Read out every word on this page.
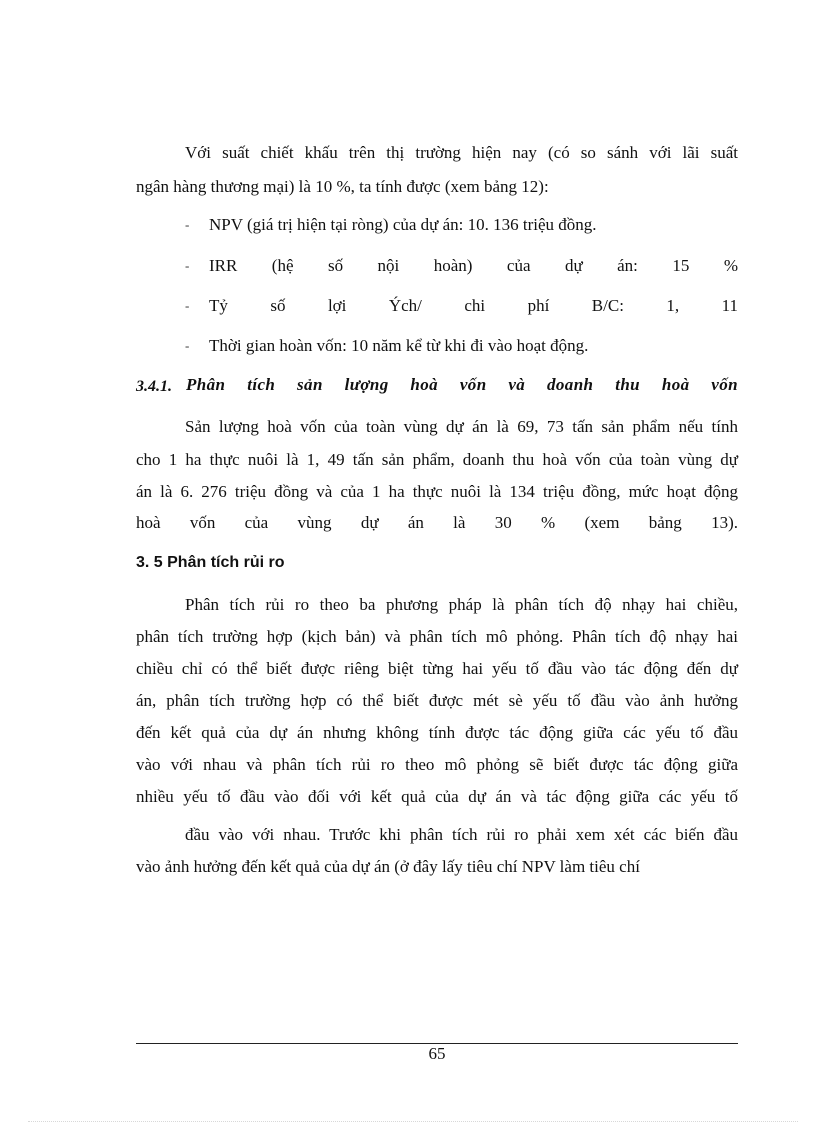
Với suất chiết khấu trên thị trường hiện nay (có so sánh với lãi suất
ngân hàng thương mại) là 10 %, ta tính được (xem bảng 12):
- NPV (giá trị hiện tại ròng) của dự án: 10. 136 triệu đồng.
- IRR (hệ số nội hoàn) của dự án: 15 %
- Tỷ số lợi Ých/ chi phí B/C: 1, 11
- Thời gian hoàn vốn: 10 năm kể từ khi đi vào hoạt động.
3.4.1. Phân tích sản lượng hoà vốn và doanh thu hoà vốn
Sản lượng hoà vốn của toàn vùng dự án là 69, 73 tấn sản phẩm nếu tính
cho 1 ha thực nuôi là 1, 49 tấn sản phẩm, doanh thu hoà vốn của toàn vùng dự
án là 6. 276 triệu đồng và của 1 ha thực nuôi là 134 triệu đồng, mức hoạt động
hoà vốn của vùng dự án là 30 % (xem bảng 13).
3. 5 Phân tích rủi ro
Phân tích rủi ro theo ba phương pháp là phân tích độ nhạy hai chiều,
phân tích trường hợp (kịch bản) và phân tích mô phỏng. Phân tích độ nhạy hai
chiều chỉ có thể biết được riêng biệt từng hai yếu tố đầu vào tác động đến dự
án, phân tích trường hợp có thể biết được mét sè yếu tố đầu vào ảnh hưởng
đến kết quả của dự án nhưng không tính được tác động giữa các yếu tố đầu
vào với nhau và phân tích rủi ro theo mô phỏng sẽ biết được tác động giữa
nhiều yếu tố đầu vào đối với kết quả của dự án và tác động giữa các yếu tố
đầu vào với nhau. Trước khi phân tích rủi ro phải xem xét các biến đầu
vào ảnh hưởng đến kết quả của dự án (ở đây lấy tiêu chí NPV làm tiêu chí
65
